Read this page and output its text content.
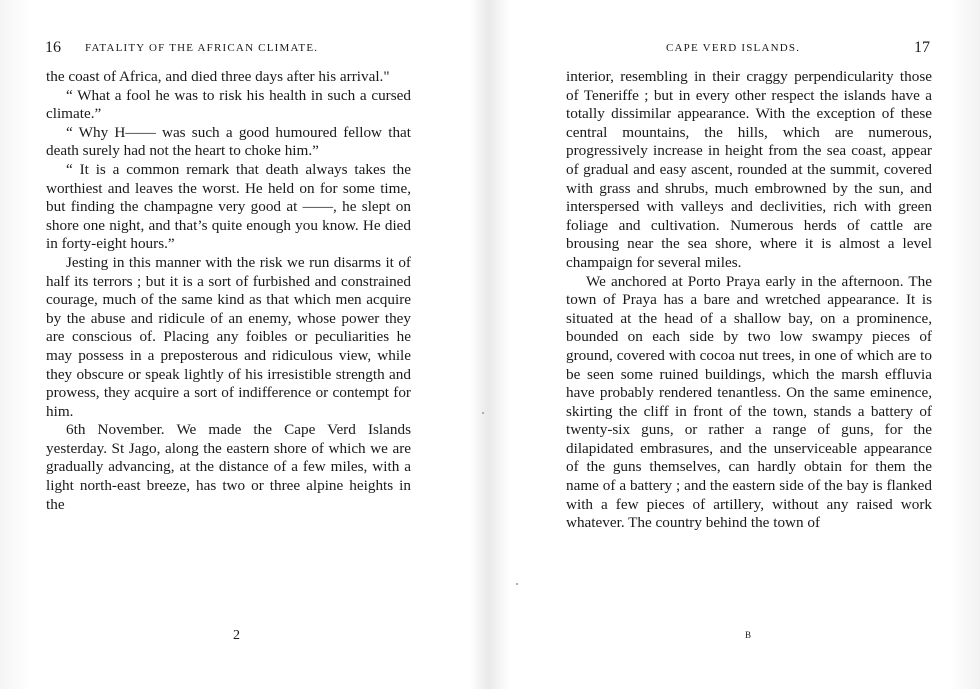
16 FATALITY OF THE AFRICAN CLIMATE.

the coast of Africa, and died three days after his arrival."

“ What a fool he was to risk his health in such a cursed climate.”

“ Why H—— was such a good humoured fellow that death surely had not the heart to choke him.”

“ It is a common remark that death always takes the worthiest and leaves the worst. He held on for some time, but finding the champagne very good at ——, he slept on shore one night, and that’s quite enough you know. He died in forty-eight hours.”

Jesting in this manner with the risk we run disarms it of half its terrors ; but it is a sort of furbished and constrained courage, much of the same kind as that which men acquire by the abuse and ridicule of an enemy, whose power they are conscious of. Placing any foibles or peculiarities he may possess in a preposterous and ridiculous view, while they obscure or speak lightly of his irresistible strength and prowess, they acquire a sort of indifference or contempt for him.

6th November. We made the Cape Verd Islands yesterday. St Jago, along the eastern shore of which we are gradually advancing, at the distance of a few miles, with a light north-east breeze, has two or three alpine heights in the

2
CAPE VERD ISLANDS.	17

interior, resembling in their craggy perpendicularity those of Teneriffe ; but in every other respect the islands have a totally dissimilar appearance. With the exception of these central mountains, the hills, which are numerous, progressively increase in height from the sea coast, appear of gradual and easy ascent, rounded at the summit, covered with grass and shrubs, much embrowned by the sun, and interspersed with valleys and declivities, rich with green foliage and cultivation. Numerous herds of cattle are brousing near the sea shore, where it is almost a level champaign for several miles.

We anchored at Porto Praya early in the afternoon. The town of Praya has a bare and wretched appearance. It is situated at the head of a shallow bay, on a prominence, bounded on each side by two low swampy pieces of ground, covered with cocoa nut trees, in one of which are to be seen some ruined buildings, which the marsh effluvia have probably rendered tenantless. On the same eminence, skirting the cliff in front of the town, stands a battery of twenty-six guns, or rather a range of guns, for the dilapidated embrasures, and the unserviceable appearance of the guns themselves, can hardly obtain for them the name of a battery ; and the eastern side of the bay is flanked with a few pieces of artillery, without any raised work whatever. The country behind the town of

B
